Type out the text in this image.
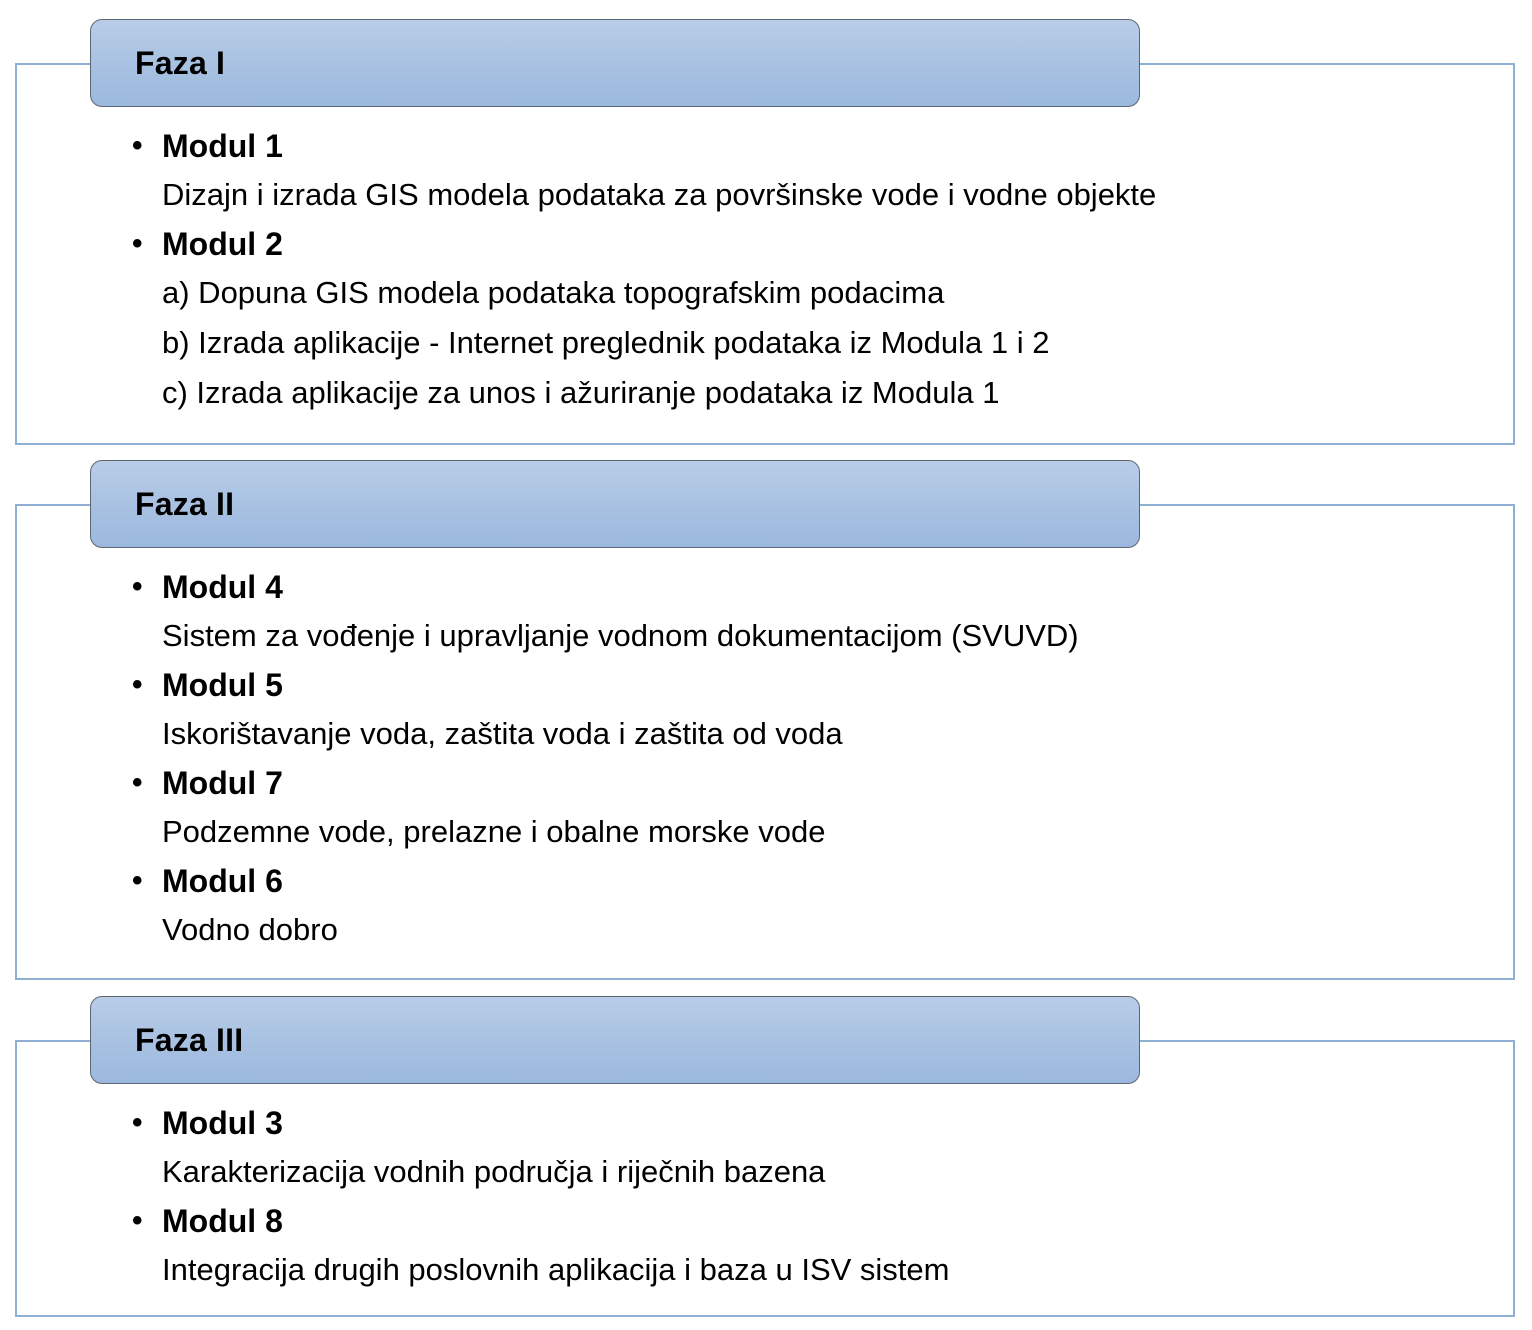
Faza I
• Modul 1
Dizajn i izrada GIS modela podataka za površinske vode i vodne objekte
• Modul 2
a) Dopuna GIS modela podataka topografskim podacima
b) Izrada aplikacije - Internet preglednik podataka iz Modula 1 i 2
c) Izrada aplikacije za unos i ažuriranje podataka iz Modula 1
Faza II
• Modul 4
Sistem za vođenje i upravljanje vodnom dokumentacijom (SVUVD)
• Modul 5
Iskorištavanje voda, zaštita voda i zaštita od voda
• Modul 7
Podzemne vode, prelazne i obalne morske vode
• Modul 6
Vodno dobro
Faza III
• Modul 3
Karakterizacija vodnih područja i riječnih bazena
• Modul 8
Integracija drugih poslovnih aplikacija i baza u ISV sistem
